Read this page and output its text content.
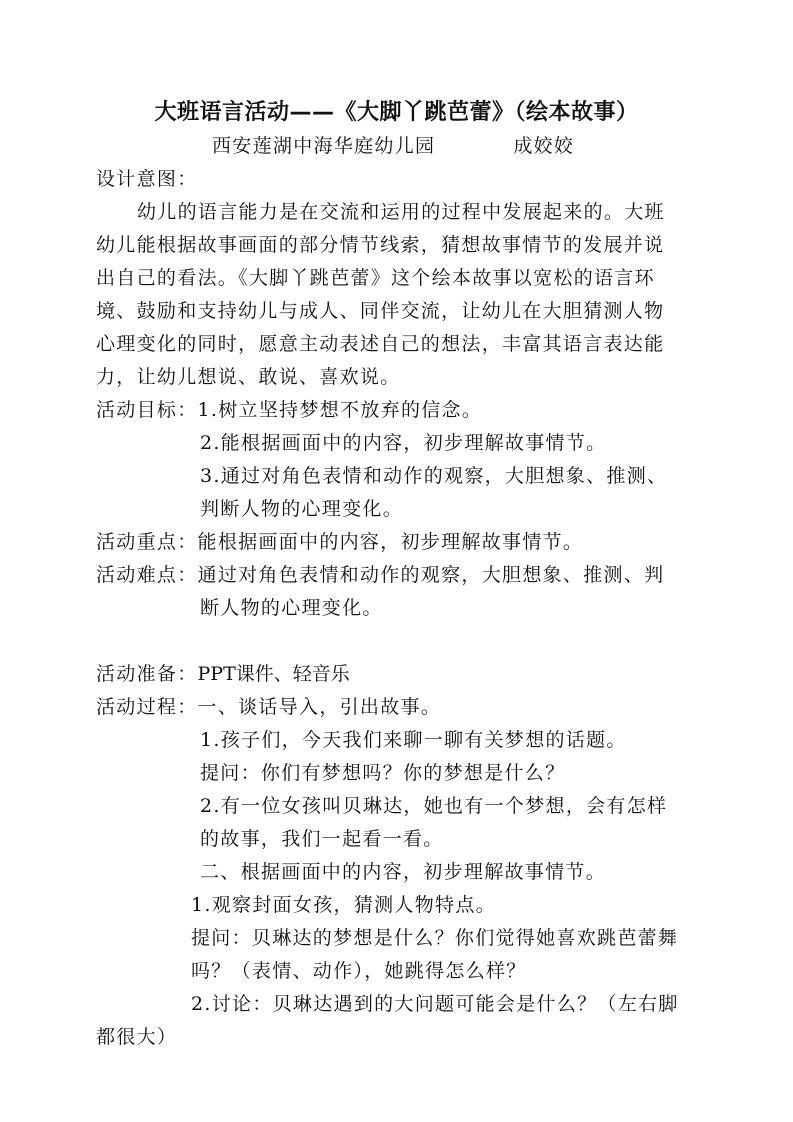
大班语言活动——《大脚丫跳芭蕾》（绘本故事）
西安莲湖中海华庭幼儿园	成姣姣
设计意图：
幼儿的语言能力是在交流和运用的过程中发展起来的。大班
幼儿能根据故事画面的部分情节线索，猜想故事情节的发展并说
出自己的看法。《大脚丫跳芭蕾》这个绘本故事以宽松的语言环
境、鼓励和支持幼儿与成人、同伴交流，让幼儿在大胆猜测人物
心理变化的同时，愿意主动表述自己的想法，丰富其语言表达能
力，让幼儿想说、敢说、喜欢说。
活动目标：1.树立坚持梦想不放弃的信念。
2.能根据画面中的内容，初步理解故事情节。
3.通过对角色表情和动作的观察，大胆想象、推测、
判断人物的心理变化。
活动重点：能根据画面中的内容，初步理解故事情节。
活动难点：通过对角色表情和动作的观察，大胆想象、推测、判
断人物的心理变化。
活动准备：PPT课件、轻音乐
活动过程：一、谈话导入，引出故事。
1.孩子们，今天我们来聊一聊有关梦想的话题。
提问：你们有梦想吗？你的梦想是什么？
2.有一位女孩叫贝琳达，她也有一个梦想，会有怎样
的故事，我们一起看一看。
二、根据画面中的内容，初步理解故事情节。
1.观察封面女孩，猜测人物特点。
提问：贝琳达的梦想是什么？你们觉得她喜欢跳芭蕾舞
吗？（表情、动作），她跳得怎么样？
2.讨论：贝琳达遇到的大问题可能会是什么？（左右脚
都很大）
